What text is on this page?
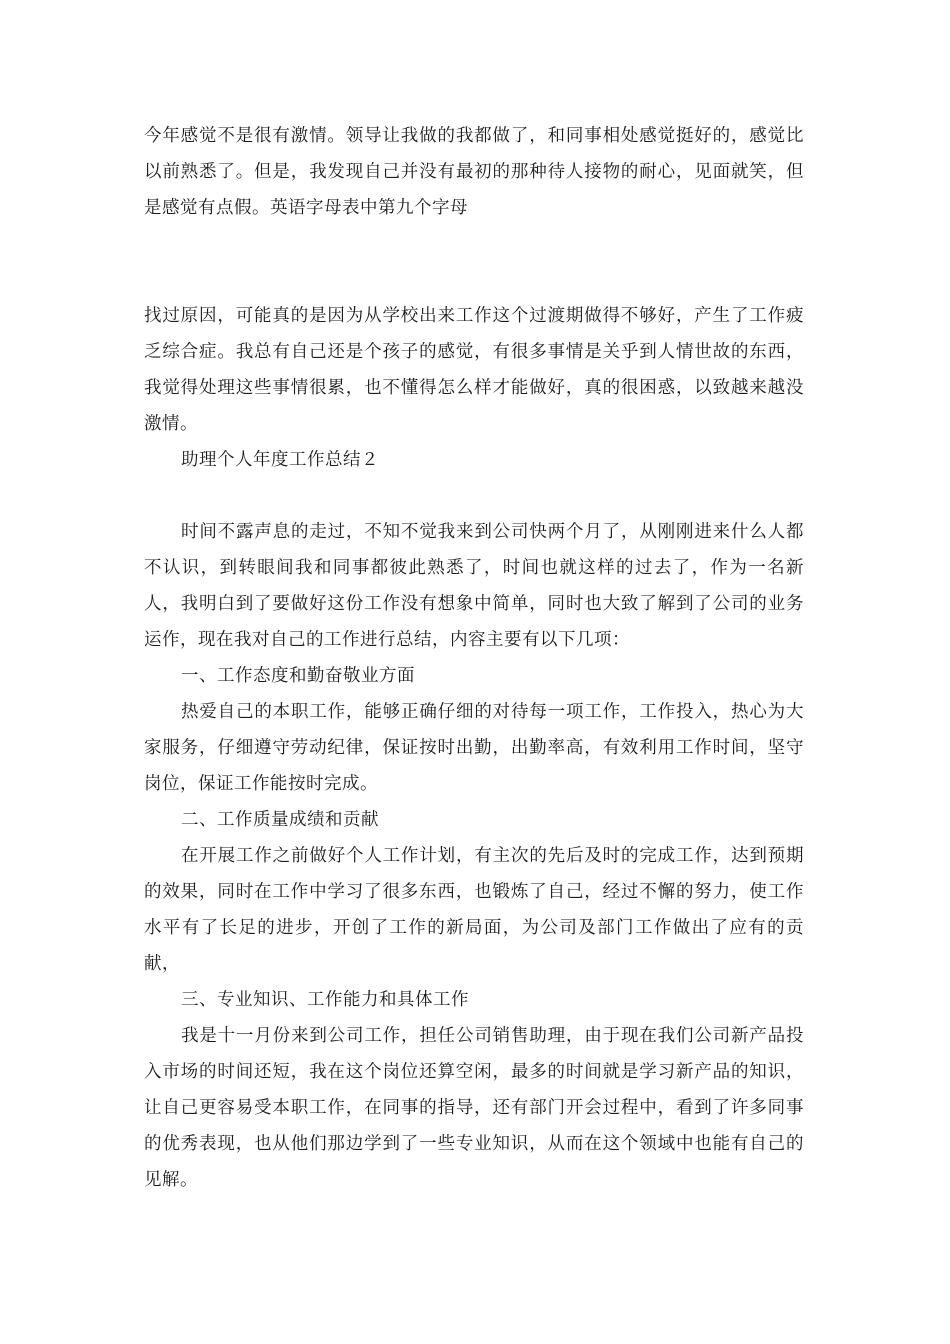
今年感觉不是很有激情。领导让我做的我都做了，和同事相处感觉挺好的，感觉比以前熟悉了。但是，我发现自己并没有最初的那种待人接物的耐心，见面就笑，但是感觉有点假。英语字母表中第九个字母

找过原因，可能真的是因为从学校出来工作这个过渡期做得不够好，产生了工作疲乏综合症。我总有自己还是个孩子的感觉，有很多事情是关乎到人情世故的东西，我觉得处理这些事情很累，也不懂得怎么样才能做好，真的很困惑，以致越来越没激情。

助理个人年度工作总结２

时间不露声息的走过，不知不觉我来到公司快两个月了，从刚刚进来什么人都不认识，到转眼间我和同事都彼此熟悉了，时间也就这样的过去了，作为一名新人，我明白到了要做好这份工作没有想象中简单，同时也大致了解到了公司的业务运作，现在我对自己的工作进行总结，内容主要有以下几项：

一、工作态度和勤奋敬业方面

热爱自己的本职工作，能够正确仔细的对待每一项工作，工作投入，热心为大家服务，仔细遵守劳动纪律，保证按时出勤，出勤率高，有效利用工作时间，坚守岗位，保证工作能按时完成。

二、工作质量成绩和贡献

在开展工作之前做好个人工作计划，有主次的先后及时的完成工作，达到预期的效果，同时在工作中学习了很多东西，也锻炼了自己，经过不懈的努力，使工作水平有了长足的进步，开创了工作的新局面，为公司及部门工作做出了应有的贡献，

三、专业知识、工作能力和具体工作

我是十一月份来到公司工作，担任公司销售助理，由于现在我们公司新产品投入市场的时间还短，我在这个岗位还算空闲，最多的时间就是学习新产品的知识，让自己更容易受本职工作，在同事的指导，还有部门开会过程中，看到了许多同事的优秀表现，也从他们那边学到了一些专业知识，从而在这个领域中也能有自己的见解。
